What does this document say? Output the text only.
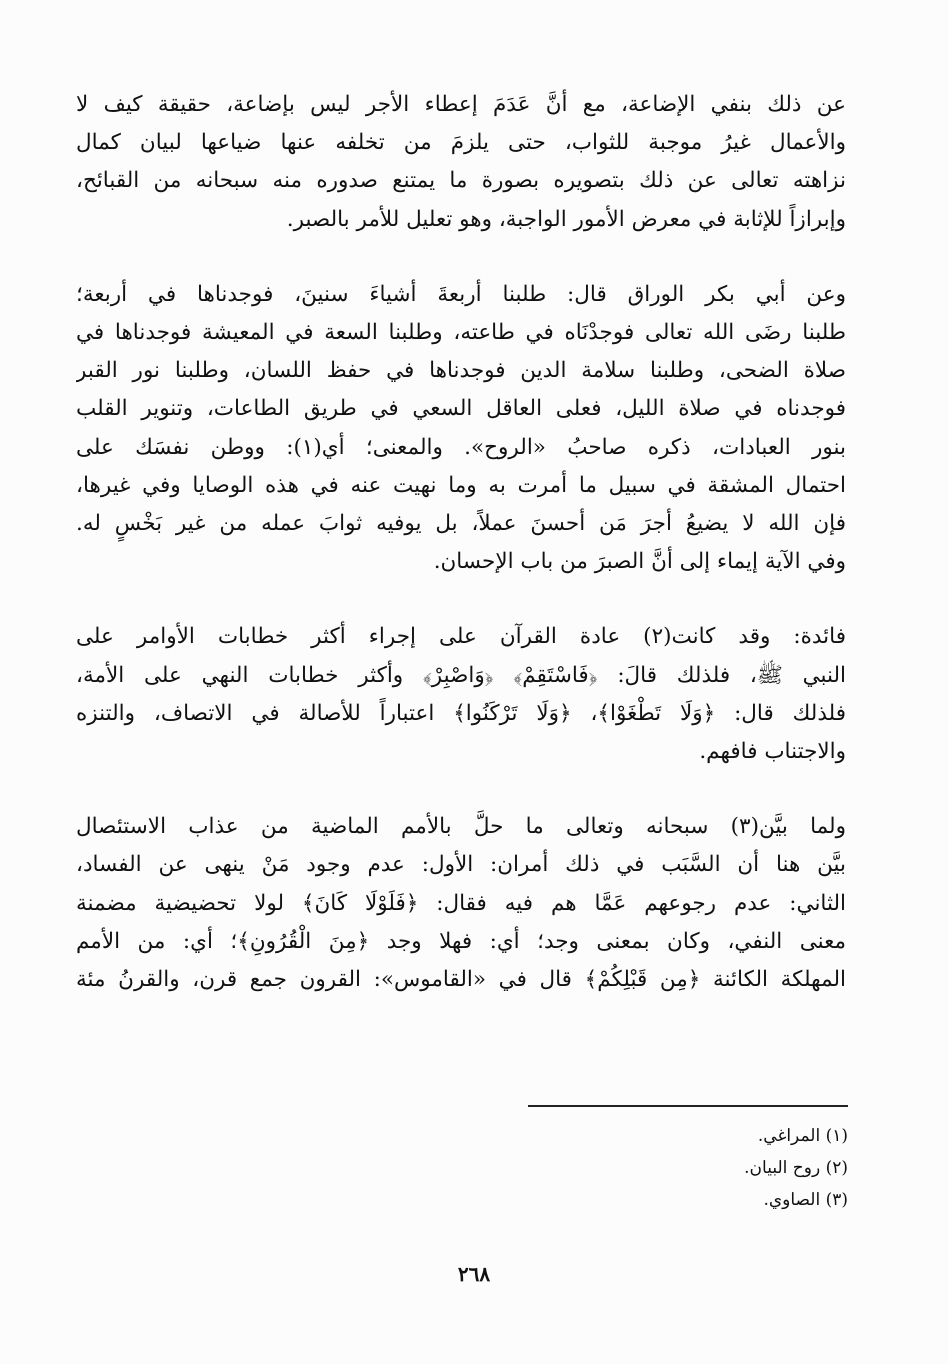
عن ذلك بنفي الإضاعة، مع أنَّ عَدَمَ إعطاء الأجر ليس بإضاعة، حقيقة كيف لا
والأعمال غيرُ موجبة للثواب، حتى يلزمَ من تخلفه عنها ضياعها لبيان كمال
نزاهته تعالى عن ذلك بتصويره بصورة ما يمتنع صدوره منه سبحانه من القبائح،
وإبرازاً للإثابة في معرض الأمور الواجبة، وهو تعليل للأمر بالصبر.
وعن أبي بكر الوراق قال: طلبنا أربعةَ أشياءَ سنينَ، فوجدناها في أربعة؛
طلبنا رضَى الله تعالى فوجدْنَاه في طاعته، وطلبنا السعة في المعيشة فوجدناها في
صلاة الضحى، وطلبنا سلامة الدين فوجدناها في حفظ اللسان، وطلبنا نور القبر
فوجدناه في صلاة الليل، فعلى العاقل السعي في طريق الطاعات، وتنوير القلب
بنور العبادات، ذكره صاحبُ «الروح». والمعنى؛ أي(١): ووطن نفسَك على
احتمال المشقة في سبيل ما أمرت به وما نهيت عنه في هذه الوصايا وفي غيرها،
فإن الله لا يضيعُ أجرَ مَن أحسنَ عملاً، بل يوفيه ثوابَ عمله من غير بَخْسٍ له.
وفي الآية إيماء إلى أنَّ الصبرَ من باب الإحسان.
فائدة: وقد كانت(٢) عادة القرآن على إجراء أكثر خطابات الأوامر على
النبي ﷺ، فلذلك قالَ: ﴿فَاسْتَقِمْ﴾ ﴿وَاصْبِرْ﴾ وأكثر خطابات النهي على الأمة،
فلذلك قال: ﴿وَلَا تَطْغَوْا﴾، ﴿وَلَا تَرْكَنُوا﴾ اعتباراً للأصالة في الاتصاف، والتنزه
والاجتناب فافهم.
ولما بيَّن(٣) سبحانه وتعالى ما حلَّ بالأمم الماضية من عذاب الاستئصال
بيَّن هنا أن السَّبَب في ذلك أمران: الأول: عدم وجود مَنْ ينهى عن الفساد،
الثاني: عدم رجوعهم عَمَّا هم فيه فقال: ﴿فَلَوْلَا كَانَ﴾ لولا تحضيضية مضمنة
معنى النفي، وكان بمعنى وجد؛ أي: فهلا وجد ﴿مِنَ الْقُرُونِ﴾؛ أي: من الأمم
المهلكة الكائنة ﴿مِن قَبْلِكُمْ﴾ قال في «القاموس»: القرون جمع قرن، والقرنُ مئة
(١) المراغي.
(٢) روح البيان.
(٣) الصاوي.
٢٦٨
